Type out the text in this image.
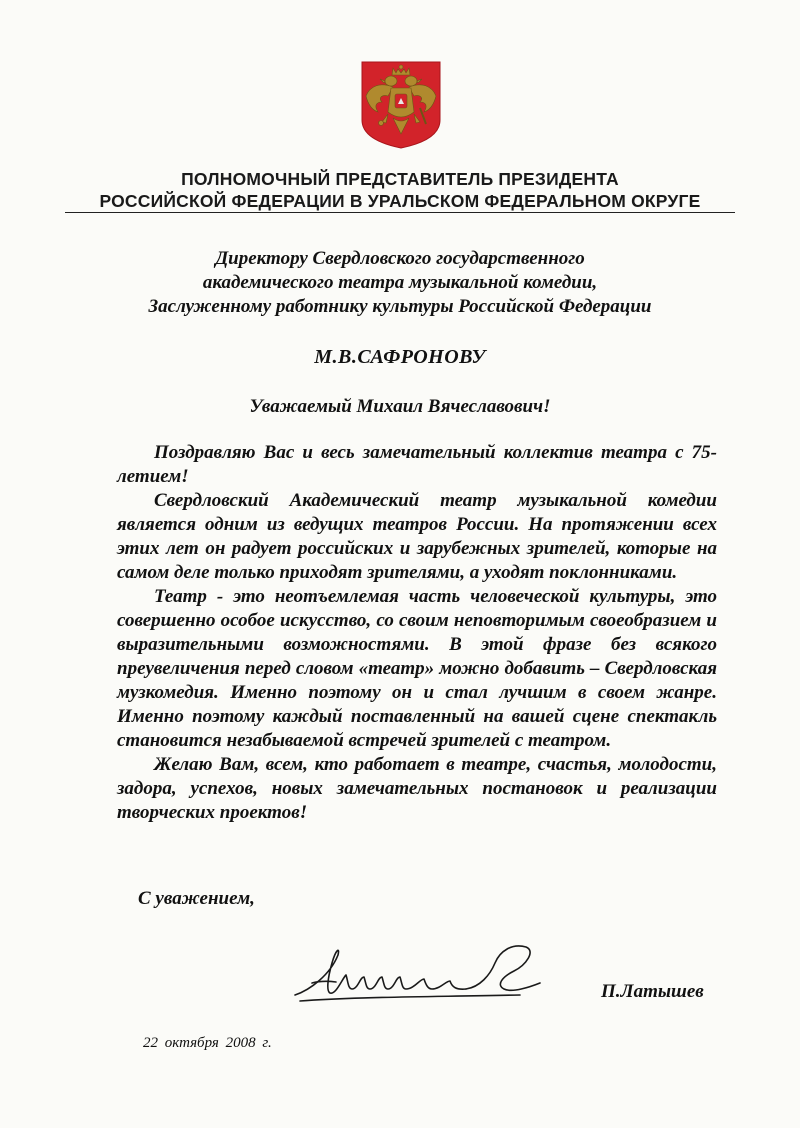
ПОЛНОМОЧНЫЙ ПРЕДСТАВИТЕЛЬ ПРЕЗИДЕНТА
РОССИЙСКОЙ ФЕДЕРАЦИИ В УРАЛЬСКОМ ФЕДЕРАЛЬНОМ ОКРУГЕ
Директору Свердловского государственного
академического театра музыкальной комедии,
Заслуженному работнику культуры Российской Федерации
М.В.САФРОНОВУ
Уважаемый Михаил Вячеславович!

Поздравляю Вас и весь замечательный коллектив театра с 75-летием!

Свердловский Академический театр музыкальной комедии является одним из ведущих театров России. На протяжении всех этих лет он радует российских и зарубежных зрителей, которые на самом деле только приходят зрителями, а уходят поклонниками.

Театр - это неотъемлемая часть человеческой культуры, это совершенно особое искусство, со своим неповторимым своеобразием и выразительными возможностями. В этой фразе без всякого преувеличения перед словом «театр» можно добавить – Свердловская музкомедия. Именно поэтому он и стал лучшим в своем жанре. Именно поэтому каждый поставленный на вашей сцене спектакль становится незабываемой встречей зрителей с театром.

Желаю Вам, всем, кто работает в театре, счастья, молодости, задора, успехов, новых замечательных постановок и реализации творческих проектов!

С уважением,
П.Латышев
22 октября 2008 г.
